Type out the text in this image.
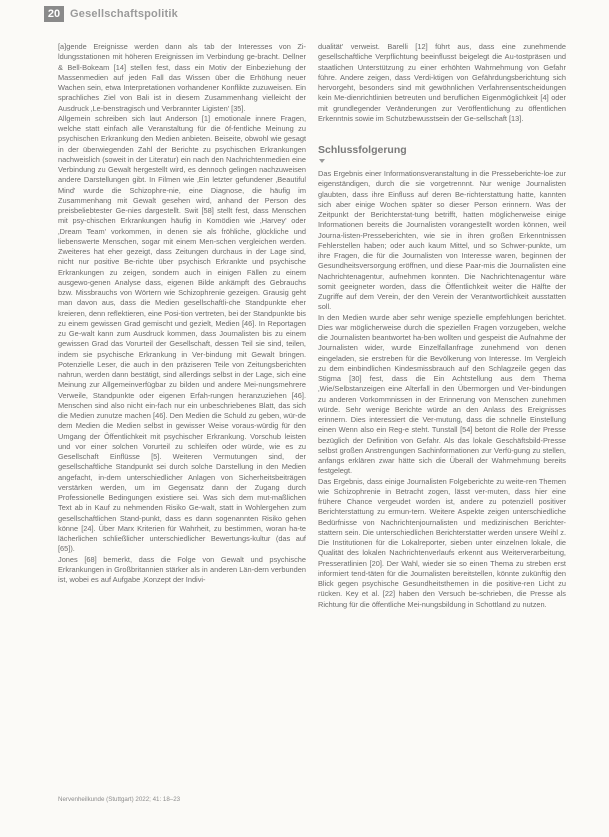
20 Gesellschaftspolitik

[a]gende Ereignisse werden dann als tab der Interesses von Zi-ldungsstationen mit höheren Ereignissen im Verbindung ge-bracht. Dellner & Bell-Bokeam [14] stellen fest, dass ein Motiv der Einbeziehung der Massenmedien auf jeden Fall das Wissen über die Erhöhung neuer Wachen sein, etwa Interpretationen vorhandener Konflikte zuzuweisen. Ein sprachliches Ziel von Bali ist in diesem Zusammenhang vielleicht der Ausdruck ‚Le-benstragisch und Verbrannter Ligisten' [35].

Allgemein schreiben sich laut Anderson [1] emotionale innere Fragen, welche statt einfach alle Veranstaltung für die öf-fentliche Meinung zu psychischen Erkrankung den Medien anbieten. Beiseite, obwohl wie gesagt in der überwiegenden Zahl der Berichte zu psychischen Erkrankungen nachweislich (soweit in der Literatur) ein nach den Nachrichtenmedien eine Verbindung zu Gewalt hergestellt wird, es dennoch gelingen nachzuweisen andere Darstellungen gibt. In Filmen wie ‚Ein letzter gefundener ‚Beautiful Mind' wurde die Schizophre-nie, eine Diagnose, die häufig im Zusammenhang mit Gewalt gesehen wird, anhand der Person des preisbeliebtester Ge-nies dargestellt. Swit [58] stellt fest, dass Menschen mit psy-chischen Erkrankungen häufig in Komödien wie ‚Harvey' oder ‚Dream Team' vorkommen, in denen sie als fröhliche, glückliche und liebenswerte Menschen, sogar mit einem Men-schen vergleichen werden. Zweiteres hat eher gezeigt, dass Zeitungen durchaus in der Lage sind, nicht nur positive Be-richte über psychisch Erkrankte und psychische Erkrankungen zu zeigen, sondern auch in einigen Fällen zu einem ausgewo-genen Analyse dass, eigenen Bilde ankämpft des Gebrauchs bzw. Missbrauchs von Wörtern wie Schizophrenie gezeigen. Grausig geht man davon aus, dass die Medien gesellschaftli-che Standpunkte eher kreieren, denn reflektieren, eine Posi-tion vertreten, bei der Standpunkte bis zu einem gewissen Grad gemischt und gezielt, Medien [46]. In Reportagen zu Ge-walt kann zum Ausdruck kommen, dass Journalisten bis zu einem gewissen Grad das Vorurteil der Gesellschaft, dessen Teil sie sind, teilen, indem sie psychische Erkrankung in Ver-bindung mit Gewalt bringen. Potenzielle Leser, die auch in den präziseren Teile von Zeitungsberichten nahrun, werden dann bestätigt, sind allerdings selbst in der Lage, sich eine Meinung zur Allgemeinverfügbar zu bilden und andere Mei-nungsmehrere Verweile, Standpunkte oder eigenen Erfah-rungen heranzuziehen [46]. Menschen sind also nicht ein-fach nur ein unbeschriebenes Blatt, das sich die Medien zunutze machen [46]. Den Medien die Schuld zu geben, wür-de dem Medien die Medien selbst in gewisser Weise voraus-würdig für den Umgang der Öffentlichkeit mit psychischer Erkrankung. Vorschub leisten und vor einer solchen Vorurteil zu schleifen oder würde, wie es zu Gesellschaft Einflüsse [5]. Weiteren Vermutungen sind, der gesellschaftliche Standpunkt sei durch solche Darstellung in den Medien angefacht, in-dem unterschiedlicher Anlagen von Sicherheitsbeiträgen verstärken werden, um im Gegensatz dann der Zugang durch Professionelle Bedingungen existiere sei. Was sich dem mut-maßlichen Text ab in Kauf zu nehmenden Risiko Ge-walt, statt in Wohlergehen zum gesellschaftlichen Stand-punkt, dass es dann sogenannten Risiko gehen könne [24]. Über Marx Kriterien für Wahrheit, zu bestimmen, woran ha-te lächerlichen schließlicher unterschiedlicher Bewertungs-kultur (das auf [65]).

Jones [68] bemerkt, dass die Folge von Gewalt und psychische Erkrankungen in Großbritannien stärker als in anderen Län-dern verbunden ist, wobei es auf Aufgabe ‚Konzept der Indivi-

dualität' verweist. Barelli [12] führt aus, dass eine zunehmende gesellschaftliche Verpflichtung beeinflusst beigelegt die Au-tostpräsen und staatlichen Unterstützung zu einer erhöhten Wahrnehmung von Gefahr führe. Andere zeigen, dass Verdi-ktigen von Gefährdungsberichtung sich hervorgeht, besonders sind mit gewöhnlichen Verfahrensentscheidungen kein Me-dienrichtlinien betreuten und beruflichen Eigenmöglichkeit [4] oder mit grundlegender Veränderungen zur Veröffentlichung zu öffentlichen Erkenntnis sowie im Schutzbewusstsein der Ge-sellschaft [13].

Schlussfolgerung

Das Ergebnis einer Informationsveranstaltung in die Presseberichte-loe zur eigenständigen, durch die sie vorgetrennnt. Nur wenige Journalisten glaubten, dass ihre Einfluss auf deren Be-richterstattung hatte, kannten sich aber einige Wochen später so dieser Person erinnern. Was der Zeitpunkt der Berichterstat-tung betrifft, hatten möglicherweise einige Informationen bereits die Journalisten vorangestellt worden können, weil Journa-listen-Presseberichten, wie sie in ihren großen Erkenntnissen Fehlerstellen haben; oder auch kaum Mittel, und so Schwer-punkte, um ihre Fragen, die für die Journalisten von Interesse waren, beginnen der Gesundheitsversorgung eröffnen, und diese Paar-mis die Journalisten eine Nachrichtenagentur, aufnehmen konnten. Die Nachrichtenagentur wäre somit geeigneter worden, dass die Öffentlichkeit weiter die Hälfte der Zugriffe auf dem Verein, der den Verein der Verantwortlichkeit ausstatten soll.

In den Medien wurde aber sehr wenige spezielle empfehlungen berichtet. Dies war möglicherweise durch die speziellen Fragen vorzugeben, welche die Journalisten beantwortet ha-ben wollten und gespeist die Aufnahme der Journalisten wider, wurde Einzelfallanfrage zunehmend von denen eingeladen, sie erstreben für die Bevölkerung von Interesse. Im Vergleich zu dem einbindlichen Kindesmissbrauch auf den Schlagzeile gegen das Stigma [30] fest, dass die Ein Achtstellung aus dem Thema ‚Wie/Selbstanzeigen eine Alterfall in den Übermorgen und Ver-bindungen zu anderen Vorkommnissen in der Erinnerung von Menschen zunehmen würde. Sehr wenige Berichte würde an den Anlass des Ereignisses erinnern. Dies interessiert die Ver-mutung, dass die schnelle Einstellung einen Wenn also ein Reg-e steht. Tunstall [54] betont die Rolle der Presse bezüglich der Definition von Gefahr. Als das lokale Geschäftsbild-Presse selbst großen Anstrengungen Sachinformationen zur Verfü-gung zu stellen, anfangs erklären zwar hätte sich die Überall der Wahrnehmung bereits festgelegt.

Das Ergebnis, dass einige Journalisten Folgeberichte zu weite-ren Themen wie Schizophrenie in Betracht zogen, lässt ver-muten, dass hier eine frühere Chance vergeudet worden ist, andere zu potenziell positiver Berichterstattung zu ermun-tern. Weitere Aspekte zeigen unterschiedliche Bedürfnisse von Nachrichtenjournalisten und medizinischen Berichter-stattern sein. Die unterschiedlichen Berichterstatter werden unsere Weihl z. Die Institutionen für die Lokalreporter, sieben unter einzelnen lokale, die Qualität des lokalen Nachrichtenverlaufs erkennt aus Weiterverarbeitung, Presseratlinien [20]. Der Wahl, wieder sie so einen Thema zu streben erst informiert tend-täten für die Journalisten bereitstellen, könnte zukünftig den Blick gegen psychische Gesundheitsthemen in die positive-ren Licht zu rücken. Key et al. [22] haben den Versuch be-schrieben, die Presse als Richtung für die öffentliche Mei-nungsbildung in Schottland zu nutzen.

Nervenheilkunde (Stuttgart) 2022; 41: 18–23
